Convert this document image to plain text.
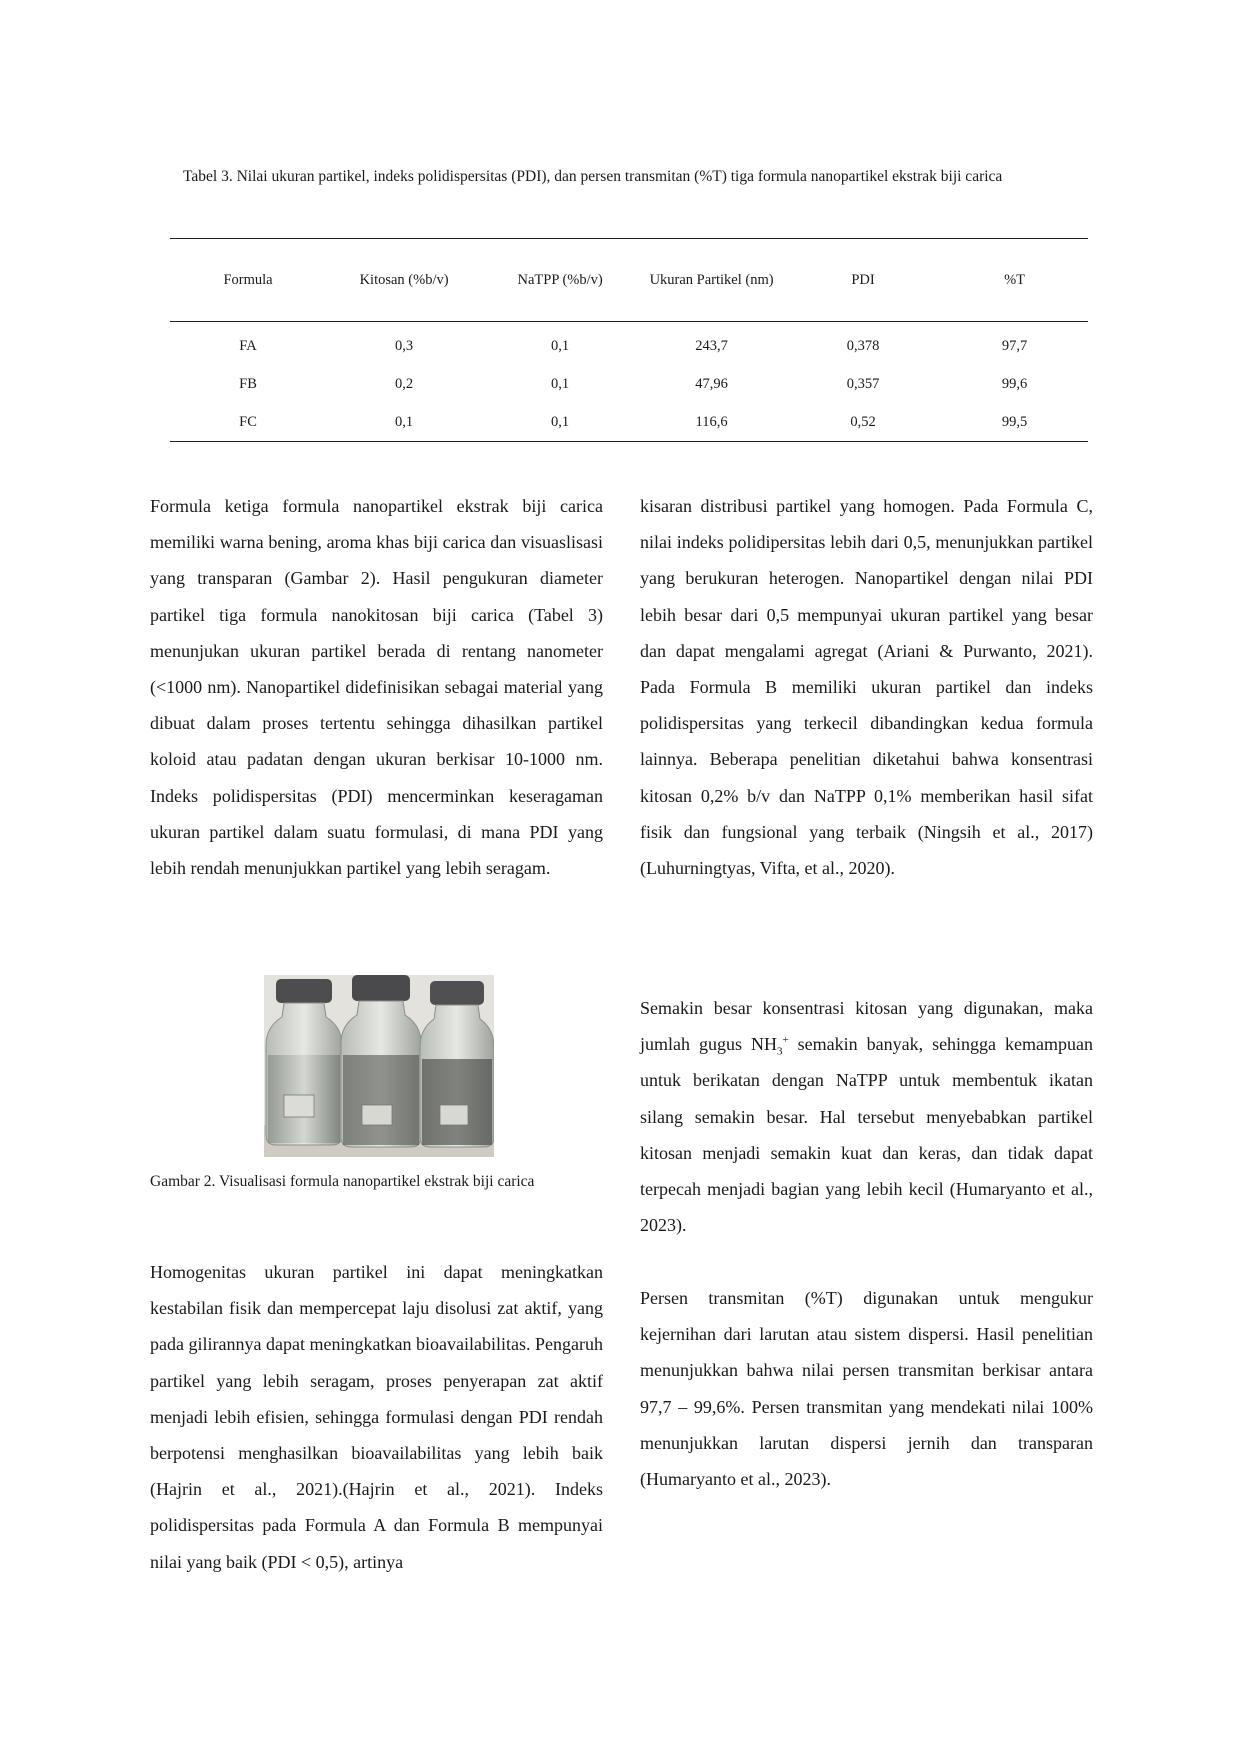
Tabel 3. Nilai ukuran partikel, indeks polidispersitas (PDI), dan persen transmitan (%T) tiga formula nanopartikel ekstrak biji carica
Formula	Kitosan (%b/v)	NaTPP (%b/v)	Ukuran Partikel (nm)	PDI	%T
FA	0,3	0,1	243,7	0,378	97,7
FB	0,2	0,1	47,96	0,357	99,6
FC	0,1	0,1	116,6	0,52	99,5

Formula ketiga formula nanopartikel ekstrak biji carica memiliki warna bening, aroma khas biji carica dan visuaslisasi yang transparan (Gambar 2). Hasil pengukuran diameter partikel tiga formula nanokitosan biji carica (Tabel 3) menunjukan ukuran partikel berada di rentang nanometer (<1000 nm). Nanopartikel didefinisikan sebagai material yang dibuat dalam proses tertentu sehingga dihasilkan partikel koloid atau padatan dengan ukuran berkisar 10-1000 nm. Indeks polidispersitas (PDI) mencerminkan keseragaman ukuran partikel dalam suatu formulasi, di mana PDI yang lebih rendah menunjukkan partikel yang lebih seragam.

Gambar 2. Visualisasi formula nanopartikel ekstrak biji carica

Homogenitas ukuran partikel ini dapat meningkatkan kestabilan fisik dan mempercepat laju disolusi zat aktif, yang pada gilirannya dapat meningkatkan bioavailabilitas. Pengaruh partikel yang lebih seragam, proses penyerapan zat aktif menjadi lebih efisien, sehingga formulasi dengan PDI rendah berpotensi menghasilkan bioavailabilitas yang lebih baik (Hajrin et al., 2021).(Hajrin et al., 2021). Indeks polidispersitas pada Formula A dan Formula B mempunyai nilai yang baik (PDI < 0,5), artinya

kisaran distribusi partikel yang homogen. Pada Formula C, nilai indeks polidipersitas lebih dari 0,5, menunjukkan partikel yang berukuran heterogen. Nanopartikel dengan nilai PDI lebih besar dari 0,5 mempunyai ukuran partikel yang besar dan dapat mengalami agregat (Ariani & Purwanto, 2021). Pada Formula B memiliki ukuran partikel dan indeks polidispersitas yang terkecil dibandingkan kedua formula lainnya. Beberapa penelitian diketahui bahwa konsentrasi kitosan 0,2% b/v dan NaTPP 0,1% memberikan hasil sifat fisik dan fungsional yang terbaik (Ningsih et al., 2017) (Luhurningtyas, Vifta, et al., 2020).

Semakin besar konsentrasi kitosan yang digunakan, maka jumlah gugus $NH_3^+$ semakin banyak, sehingga kemampuan untuk berikatan dengan NaTPP untuk membentuk ikatan silang semakin besar. Hal tersebut menyebabkan partikel kitosan menjadi semakin kuat dan keras, dan tidak dapat terpecah menjadi bagian yang lebih kecil (Humaryanto et al., 2023).

Persen transmitan (%T) digunakan untuk mengukur kejernihan dari larutan atau sistem dispersi. Hasil penelitian menunjukkan bahwa nilai persen transmitan berkisar antara 97,7 – 99,6%. Persen transmitan yang mendekati nilai 100% menunjukkan larutan dispersi jernih dan transparan (Humaryanto et al., 2023).
